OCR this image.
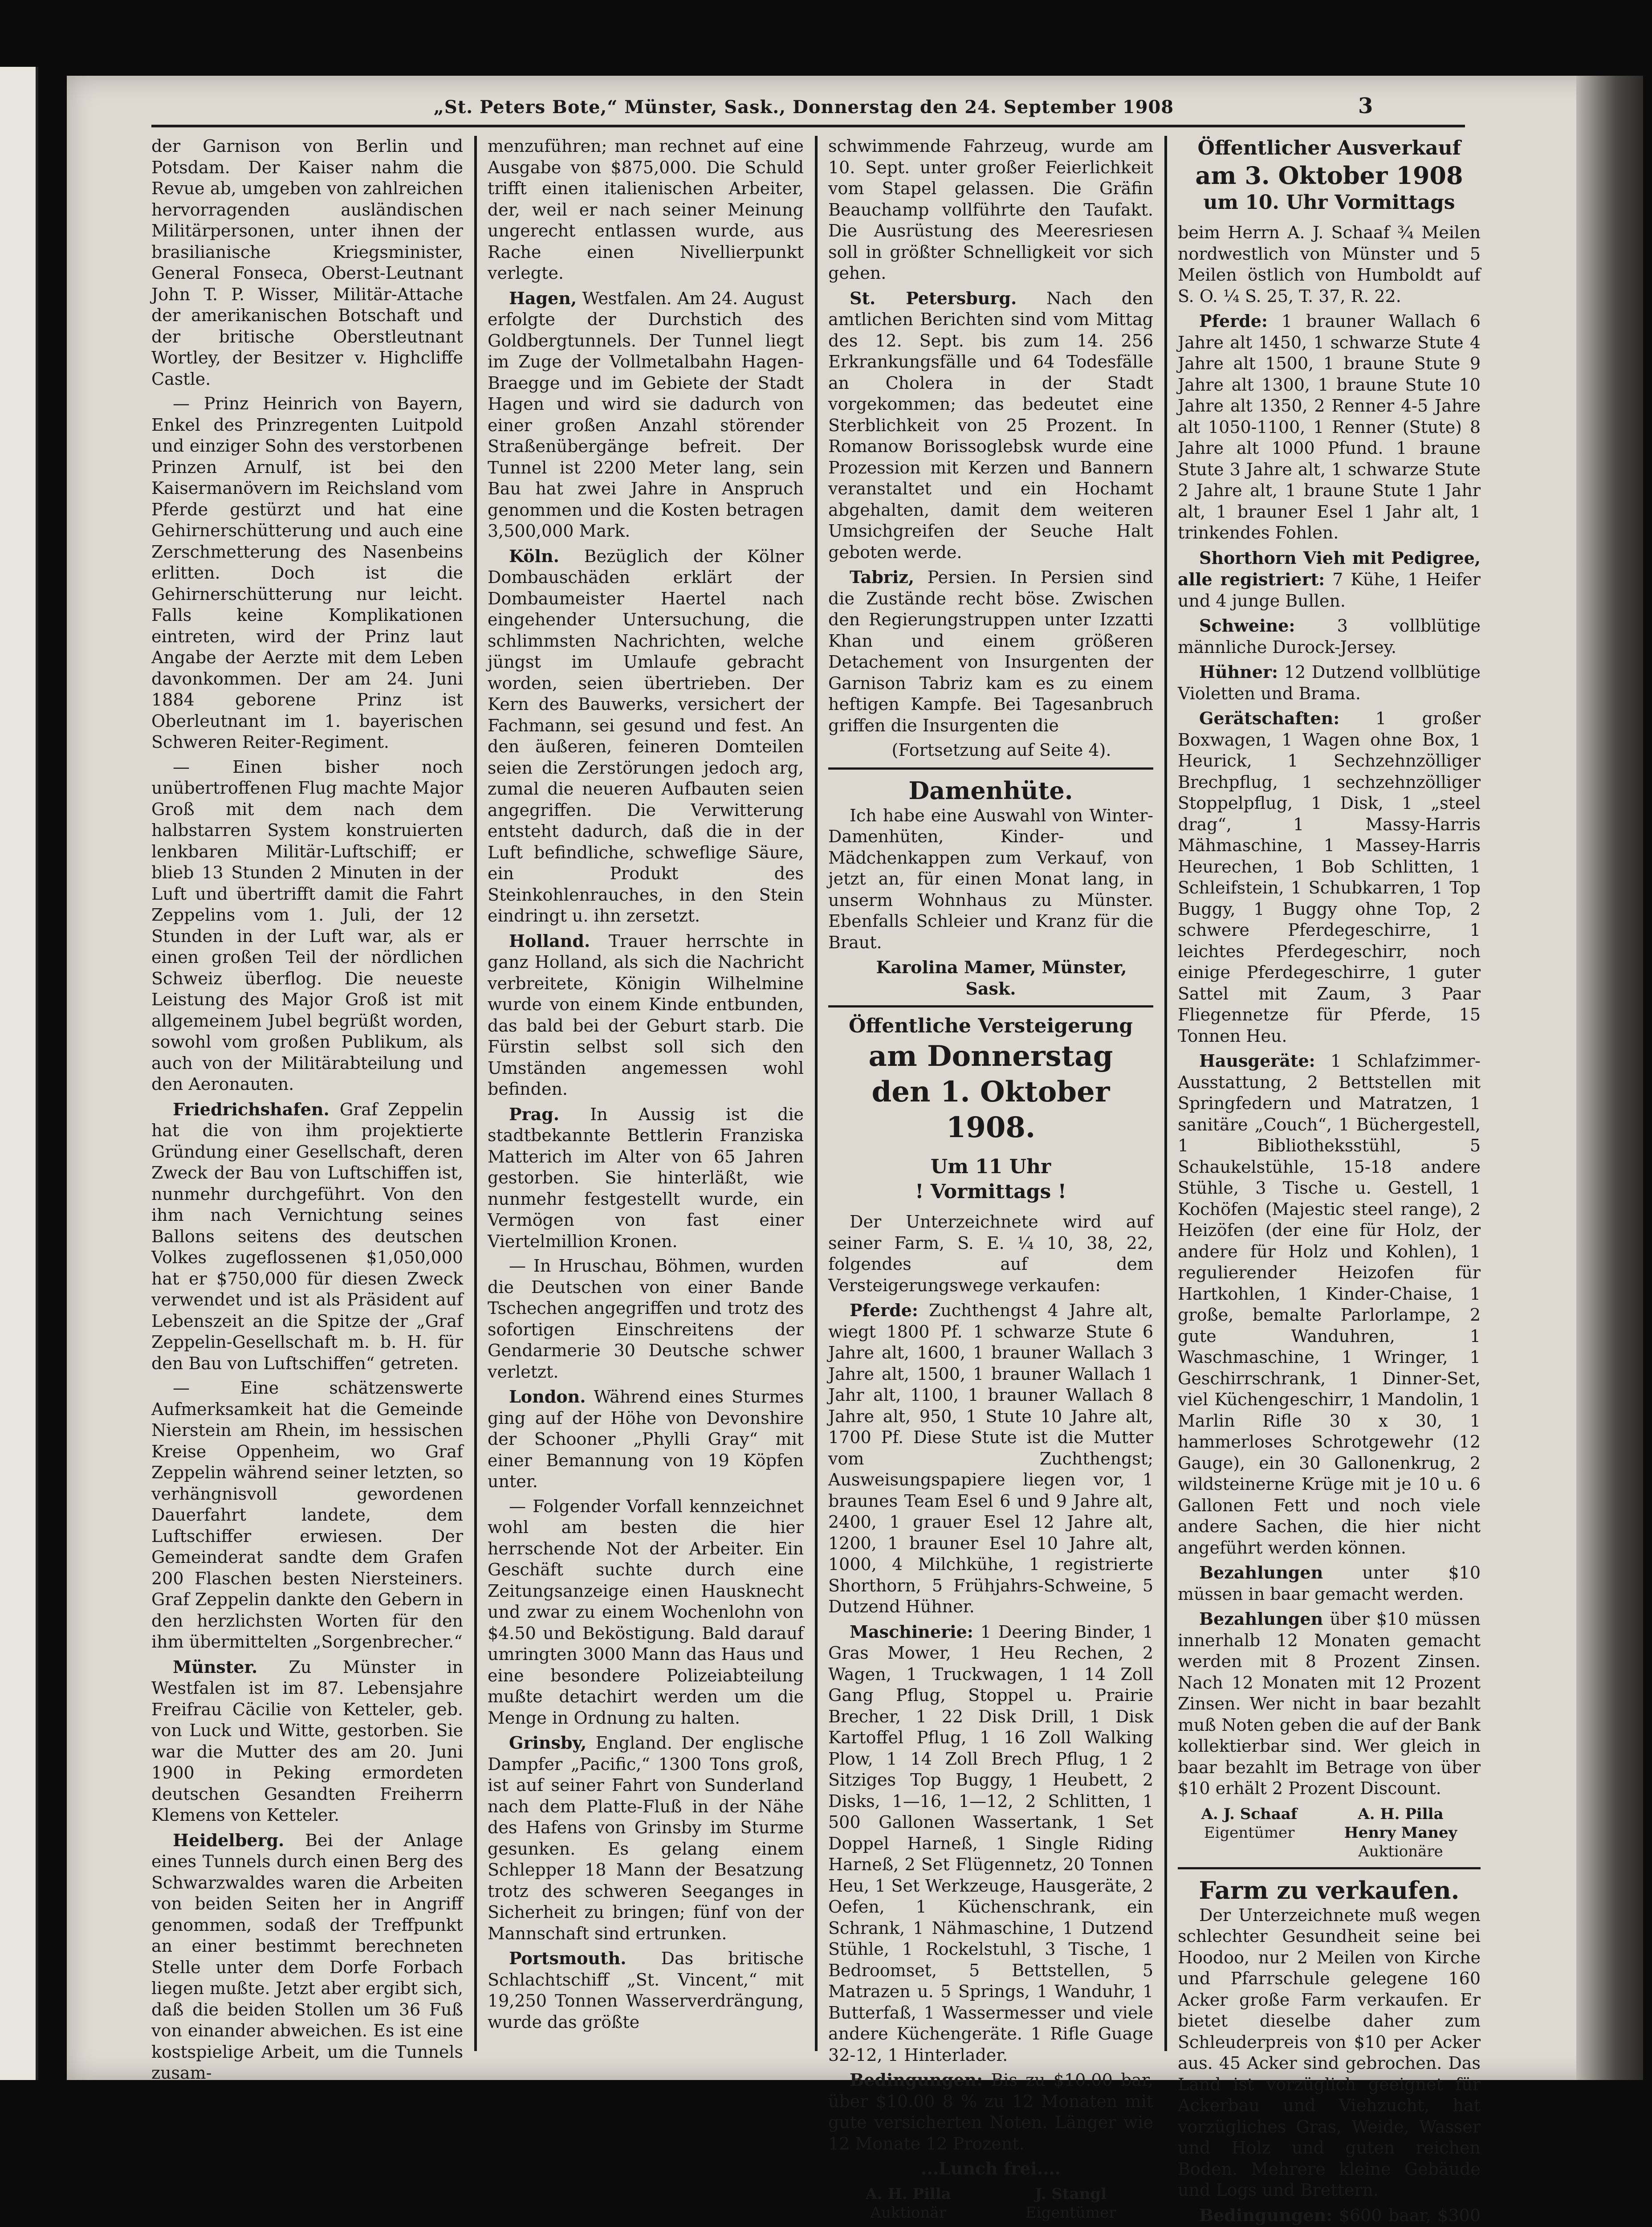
„St. Peters Bote,“ Münster, Sask., Donnerstag den 24. September 1908	3

der Garnison von Berlin und Potsdam. Der Kaiser nahm die Revue ab, umgeben von zahlreichen hervorragenden ausländischen Militärpersonen, unter ihnen der brasilianische Kriegsminister, General Fonseca, Oberst-Leutnant John T. P. Wisser, Militär-Attache der amerikanischen Botschaft und der britische Oberstleutnant Wortley, der Besitzer v. Highcliffe Castle.

— Prinz Heinrich von Bayern, Enkel des Prinzregenten Luitpold und einziger Sohn des verstorbenen Prinzen Arnulf, ist bei den Kaisermanövern im Reichsland vom Pferde gestürzt und hat eine Gehirnerschütterung und auch eine Zerschmetterung des Nasenbeins erlitten. Doch ist die Gehirnerschütterung nur leicht. Falls keine Komplikationen eintreten, wird der Prinz laut Angabe der Aerzte mit dem Leben davonkommen. Der am 24. Juni 1884 geborene Prinz ist Oberleutnant im 1. bayerischen Schweren Reiter-Regiment.

— Einen bisher noch unübertroffenen Flug machte Major Groß mit dem nach dem halbstarren System konstruierten lenkbaren Militär-Luftschiff; er blieb 13 Stunden 2 Minuten in der Luft und übertrifft damit die Fahrt Zeppelins vom 1. Juli, der 12 Stunden in der Luft war, als er einen großen Teil der nördlichen Schweiz überflog. Die neueste Leistung des Major Groß ist mit allgemeinem Jubel begrüßt worden, sowohl vom großen Publikum, als auch von der Militärabteilung und den Aeronauten.

Friedrichshafen. Graf Zeppelin hat die von ihm projektierte Gründung einer Gesellschaft, deren Zweck der Bau von Luftschiffen ist, nunmehr durchgeführt. Von den ihm nach Vernichtung seines Ballons seitens des deutschen Volkes zugeflossenen $1,050,000 hat er $750,000 für diesen Zweck verwendet und ist als Präsident auf Lebenszeit an die Spitze der „Graf Zeppelin-Gesellschaft m. b. H. für den Bau von Luftschiffen“ getreten.

— Eine schätzenswerte Aufmerksamkeit hat die Gemeinde Nierstein am Rhein, im hessischen Kreise Oppenheim, wo Graf Zeppelin während seiner letzten, so verhängnisvoll gewordenen Dauerfahrt landete, dem Luftschiffer erwiesen. Der Gemeinderat sandte dem Grafen 200 Flaschen besten Niersteiners. Graf Zeppelin dankte den Gebern in den herzlichsten Worten für den ihm übermittelten „Sorgenbrecher.“

Münster. Zu Münster in Westfalen ist im 87. Lebensjahre Freifrau Cäcilie von Ketteler, geb. von Luck und Witte, gestorben. Sie war die Mutter des am 20. Juni 1900 in Peking ermordeten deutschen Gesandten Freiherrn Klemens von Ketteler.

Heidelberg. Bei der Anlage eines Tunnels durch einen Berg des Schwarzwaldes waren die Arbeiten von beiden Seiten her in Angriff genommen, sodaß der Treffpunkt an einer bestimmt berechneten Stelle unter dem Dorfe Forbach liegen mußte. Jetzt aber ergibt sich, daß die beiden Stollen um 36 Fuß von einander abweichen. Es ist eine kostspielige Arbeit, um die Tunnels zusam-

menzuführen; man rechnet auf eine Ausgabe von $875,000. Die Schuld trifft einen italienischen Arbeiter, der, weil er nach seiner Meinung ungerecht entlassen wurde, aus Rache einen Nivellierpunkt verlegte.

Hagen, Westfalen. Am 24. August erfolgte der Durchstich des Goldbergtunnels. Der Tunnel liegt im Zuge der Vollmetalbahn Hagen-Braegge und im Gebiete der Stadt Hagen und wird sie dadurch von einer großen Anzahl störender Straßenübergänge befreit. Der Tunnel ist 2200 Meter lang, sein Bau hat zwei Jahre in Anspruch genommen und die Kosten betragen 3,500,000 Mark.

Köln. Bezüglich der Kölner Dombauschäden erklärt der Dombaumeister Haertel nach eingehender Untersuchung, die schlimmsten Nachrichten, welche jüngst im Umlaufe gebracht worden, seien übertrieben. Der Kern des Bauwerks, versichert der Fachmann, sei gesund und fest. An den äußeren, feineren Domteilen seien die Zerstörungen jedoch arg, zumal die neueren Aufbauten seien angegriffen. Die Verwitterung entsteht dadurch, daß die in der Luft befindliche, schweflige Säure, ein Produkt des Steinkohlenrauches, in den Stein eindringt u. ihn zersetzt.

Holland. Trauer herrschte in ganz Holland, als sich die Nachricht verbreitete, Königin Wilhelmine wurde von einem Kinde entbunden, das bald bei der Geburt starb. Die Fürstin selbst soll sich den Umständen angemessen wohl befinden.

Prag. In Aussig ist die stadtbekannte Bettlerin Franziska Matterich im Alter von 65 Jahren gestorben. Sie hinterläßt, wie nunmehr festgestellt wurde, ein Vermögen von fast einer Viertelmillion Kronen.

— In Hruschau, Böhmen, wurden die Deutschen von einer Bande Tschechen angegriffen und trotz des sofortigen Einschreitens der Gendarmerie 30 Deutsche schwer verletzt.

London. Während eines Sturmes ging auf der Höhe von Devonshire der Schooner „Phylli Gray“ mit einer Bemannung von 19 Köpfen unter.

— Folgender Vorfall kennzeichnet wohl am besten die hier herrschende Not der Arbeiter. Ein Geschäft suchte durch eine Zeitungsanzeige einen Hausknecht und zwar zu einem Wochenlohn von $4.50 und Beköstigung. Bald darauf umringten 3000 Mann das Haus und eine besondere Polizeiabteilung mußte detachirt werden um die Menge in Ordnung zu halten.

Grinsby, England. Der englische Dampfer „Pacific,“ 1300 Tons groß, ist auf seiner Fahrt von Sunderland nach dem Platte-Fluß in der Nähe des Hafens von Grinsby im Sturme gesunken. Es gelang einem Schlepper 18 Mann der Besatzung trotz des schweren Seeganges in Sicherheit zu bringen; fünf von der Mannschaft sind ertrunken.

Portsmouth. Das britische Schlachtschiff „St. Vincent,“ mit 19,250 Tonnen Wasserverdrängung, wurde das größte

schwimmende Fahrzeug, wurde am 10. Sept. unter großer Feierlichkeit vom Stapel gelassen. Die Gräfin Beauchamp vollführte den Taufakt. Die Ausrüstung des Meeresriesen soll in größter Schnelligkeit vor sich gehen.

St. Petersburg. Nach den amtlichen Berichten sind vom Mittag des 12. Sept. bis zum 14. 256 Erkrankungsfälle und 64 Todesfälle an Cholera in der Stadt vorgekommen; das bedeutet eine Sterblichkeit von 25 Prozent. In Romanow Borissoglebsk wurde eine Prozession mit Kerzen und Bannern veranstaltet und ein Hochamt abgehalten, damit dem weiteren Umsichgreifen der Seuche Halt geboten werde.

Tabriz, Persien. In Persien sind die Zustände recht böse. Zwischen den Regierungstruppen unter Izzatti Khan und einem größeren Detachement von Insurgenten der Garnison Tabriz kam es zu einem heftigen Kampfe. Bei Tagesanbruch griffen die Insurgenten die

(Fortsetzung auf Seite 4).

Damenhüte.

Ich habe eine Auswahl von Winter-Damenhüten, Kinder- und Mädchenkappen zum Verkauf, von jetzt an, für einen Monat lang, in unserm Wohnhaus zu Münster. Ebenfalls Schleier und Kranz für die Braut.

Karolina Mamer, Münster, Sask.

Öffentliche Versteigerung
am Donnerstag
den 1. Oktober
1908.
Um 11 Uhr
! Vormittags !

Der Unterzeichnete wird auf seiner Farm, S. E. ¼ 10, 38, 22, folgendes auf dem Versteigerungswege verkaufen:

Pferde: Zuchthengst 4 Jahre alt, wiegt 1800 Pf. 1 schwarze Stute 6 Jahre alt, 1600, 1 brauner Wallach 3 Jahre alt, 1500, 1 brauner Wallach 1 Jahr alt, 1100, 1 brauner Wallach 8 Jahre alt, 950, 1 Stute 10 Jahre alt, 1700 Pf. Diese Stute ist die Mutter vom Zuchthengst; Ausweisungspapiere liegen vor, 1 braunes Team Esel 6 und 9 Jahre alt, 2400, 1 grauer Esel 12 Jahre alt, 1200, 1 brauner Esel 10 Jahre alt, 1000, 4 Milchkühe, 1 registrierte Shorthorn, 5 Frühjahrs-Schweine, 5 Dutzend Hühner.

Maschinerie: 1 Deering Binder, 1 Gras Mower, 1 Heu Rechen, 2 Wagen, 1 Truckwagen, 1 14 Zoll Gang Pflug, Stoppel u. Prairie Brecher, 1 22 Disk Drill, 1 Disk Kartoffel Pflug, 1 16 Zoll Walking Plow, 1 14 Zoll Brech Pflug, 1 2 Sitziges Top Buggy, 1 Heubett, 2 Disks, 1—16, 1—12, 2 Schlitten, 1 500 Gallonen Wassertank, 1 Set Doppel Harneß, 1 Single Riding Harneß, 2 Set Flügennetz, 20 Tonnen Heu, 1 Set Werkzeuge, Hausgeräte, 2 Oefen, 1 Küchenschrank, ein Schrank, 1 Nähmaschine, 1 Dutzend Stühle, 1 Rockelstuhl, 3 Tische, 1 Bedroomset, 5 Bettstellen, 5 Matrazen u. 5 Springs, 1 Wanduhr, 1 Butterfaß, 1 Wassermesser und viele andere Küchengeräte. 1 Rifle Guage 32-12, 1 Hinterlader.

Bedingungen: Bis zu $10.00 bar, über $10.00 8 % zu 12 Monaten mit gute versicherten Noten. Länger wie 12 Monate 12 Prozent.

...Lunch frei....
A. H. Pilla
Auktionär
J. Stangl
Eigentümer
Öffentlicher Ausverkauf
am 3. Oktober 1908
um 10. Uhr Vormittags

beim Herrn A. J. Schaaf ¾ Meilen nordwestlich von Münster und 5 Meilen östlich von Humboldt auf S. O. ¼ S. 25, T. 37, R. 22.

Pferde: 1 brauner Wallach 6 Jahre alt 1450, 1 schwarze Stute 4 Jahre alt 1500, 1 braune Stute 9 Jahre alt 1300, 1 braune Stute 10 Jahre alt 1350, 2 Renner 4-5 Jahre alt 1050-1100, 1 Renner (Stute) 8 Jahre alt 1000 Pfund. 1 braune Stute 3 Jahre alt, 1 schwarze Stute 2 Jahre alt, 1 braune Stute 1 Jahr alt, 1 brauner Esel 1 Jahr alt, 1 trinkendes Fohlen.

Shorthorn Vieh mit Pedigree, alle registriert: 7 Kühe, 1 Heifer und 4 junge Bullen.

Schweine: 3 vollblütige männliche Durock-Jersey.

Hühner: 12 Dutzend vollblütige Violetten und Brama.

Gerätschaften: 1 großer Boxwagen, 1 Wagen ohne Box, 1 Heurick, 1 Sechzehnzölliger Brechpflug, 1 sechzehnzölliger Stoppelpflug, 1 Disk, 1 „steel drag“, 1 Massy-Harris Mähmaschine, 1 Massey-Harris Heurechen, 1 Bob Schlitten, 1 Schleifstein, 1 Schubkarren, 1 Top Buggy, 1 Buggy ohne Top, 2 schwere Pferdegeschirre, 1 leichtes Pferdegeschirr, noch einige Pferdegeschirre, 1 guter Sattel mit Zaum, 3 Paar Fliegennetze für Pferde, 15 Tonnen Heu.

Hausgeräte: 1 Schlafzimmer-Ausstattung, 2 Bettstellen mit Springfedern und Matratzen, 1 sanitäre „Couch“, 1 Büchergestell, 1 Bibliotheksstühl, 5 Schaukelstühle, 15-18 andere Stühle, 3 Tische u. Gestell, 1 Kochöfen (Majestic steel range), 2 Heizöfen (der eine für Holz, der andere für Holz und Kohlen), 1 regulierender Heizofen für Hartkohlen, 1 Kinder-Chaise, 1 große, bemalte Parlorlampe, 2 gute Wanduhren, 1 Waschmaschine, 1 Wringer, 1 Geschirrschrank, 1 Dinner-Set, viel Küchengeschirr, 1 Mandolin, 1 Marlin Rifle 30 x 30, 1 hammerloses Schrotgewehr (12 Gauge), ein 30 Gallonenkrug, 2 wildsteinerne Krüge mit je 10 u. 6 Gallonen Fett und noch viele andere Sachen, die hier nicht angeführt werden können.

Bezahlungen unter $10 müssen in baar gemacht werden.

Bezahlungen über $10 müssen innerhalb 12 Monaten gemacht werden mit 8 Prozent Zinsen. Nach 12 Monaten mit 12 Prozent Zinsen. Wer nicht in baar bezahlt muß Noten geben die auf der Bank kollektierbar sind. Wer gleich in baar bezahlt im Betrage von über $10 erhält 2 Prozent Discount.

A. J. Schaaf
Eigentümer
A. H. Pilla
Henry Maney
Auktionäre
Farm zu verkaufen.

Der Unterzeichnete muß wegen schlechter Gesundheit seine bei Hoodoo, nur 2 Meilen von Kirche und Pfarrschule gelegene 160 Acker große Farm verkaufen. Er bietet dieselbe daher zum Schleuderpreis von $10 per Acker aus. 45 Acker sind gebrochen. Das Land ist vorzüglich geeignet für Ackerbau und Viehzucht, hat vorzügliches Gras, Weide, Wasser und Holz und guten reichen Boden. Mehrere kleine Gebäude und Logs und Brettern.

Bedingungen: $600 baar, $300
